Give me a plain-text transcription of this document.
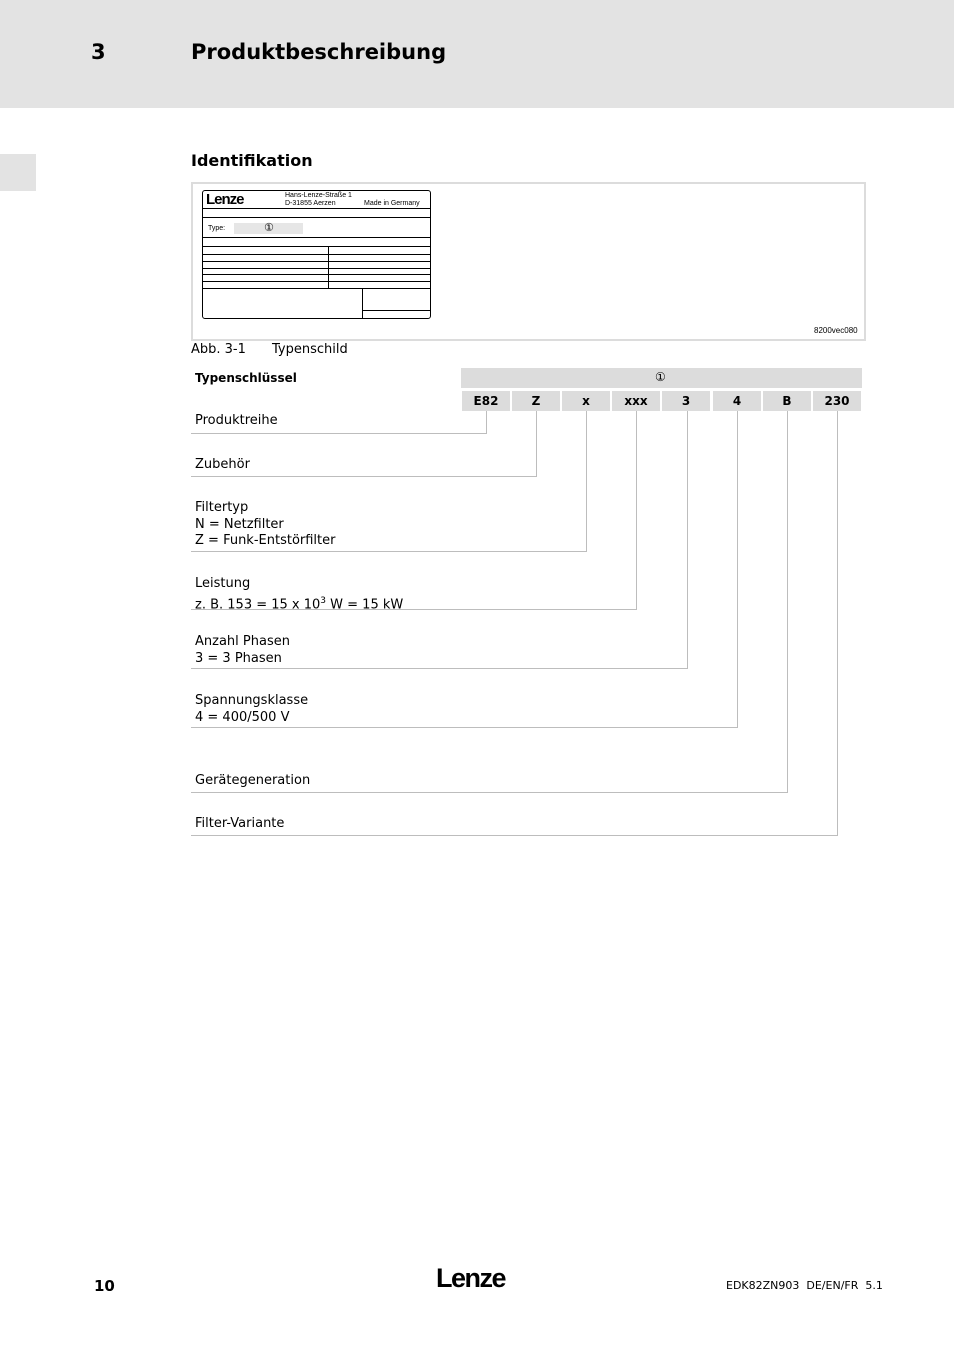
3	Produktbeschreibung
Identifikation
Lenze	Hans-Lenze-Straße 1
D-31855 Aerzen	Made in Germany
Type:	①
8200vec080
Abb. 3-1 Typenschild
Typenschlüssel	①
E82	Z	x	xxx	3	4	B	230
Produktreihe
Zubehör
Filtertyp
N = Netzfilter
Z = Funk-Entstörfilter
Leistung
z. B. 153 = 15 x $10^3$ W = 15 kW
Anzahl Phasen
3 = 3 Phasen
Spannungsklasse
4 = 400/500 V
Gerätegeneration
Filter-Variante
10	Lenze	EDK82ZN903  DE/EN/FR  5.1
